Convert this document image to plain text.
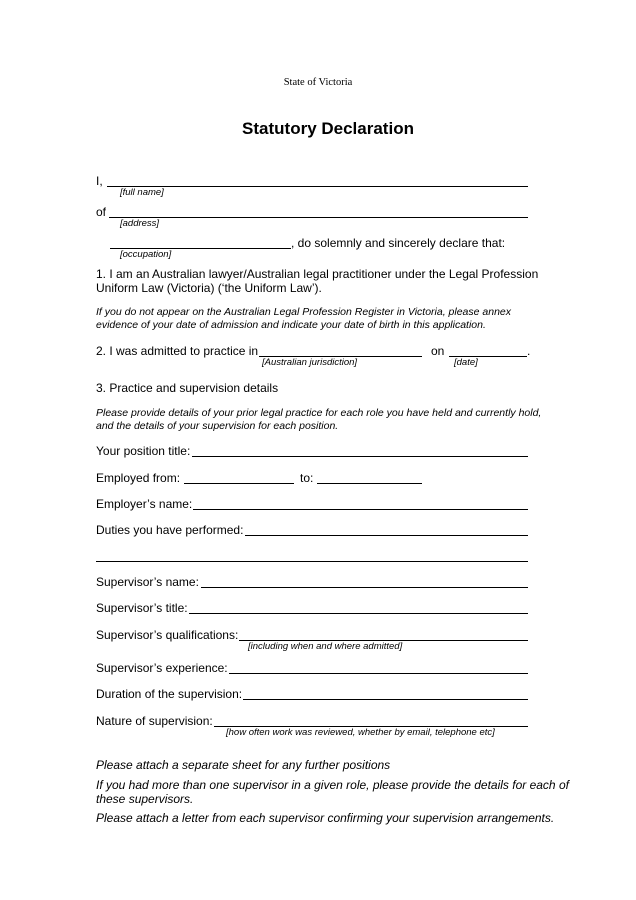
State of Victoria
Statutory Declaration
I,
[full name]
of
[address]
, do solemnly and sincerely declare that:
[occupation]
1. I am an Australian lawyer/Australian legal practitioner under the Legal Profession
Uniform Law (Victoria) (‘the Uniform Law’).
If you do not appear on the Australian Legal Profession Register in Victoria, please annex
evidence of your date of admission and indicate your date of birth in this application.
2. I was admitted to practice in	on	.
[Australian jurisdiction]	[date]
3. Practice and supervision details
Please provide details of your prior legal practice for each role you have held and currently hold,
and the details of your supervision for each position.
Your position title:
Employed from:	to:
Employer’s name:
Duties you have performed:
Supervisor’s name:
Supervisor’s title:
Supervisor’s qualifications:
[including when and where admitted]
Supervisor’s experience:
Duration of the supervision:
Nature of supervision:
[how often work was reviewed, whether by email, telephone etc]
Please attach a separate sheet for any further positions
If you had more than one supervisor in a given role, please provide the details for each of
these supervisors.
Please attach a letter from each supervisor confirming your supervision arrangements.
